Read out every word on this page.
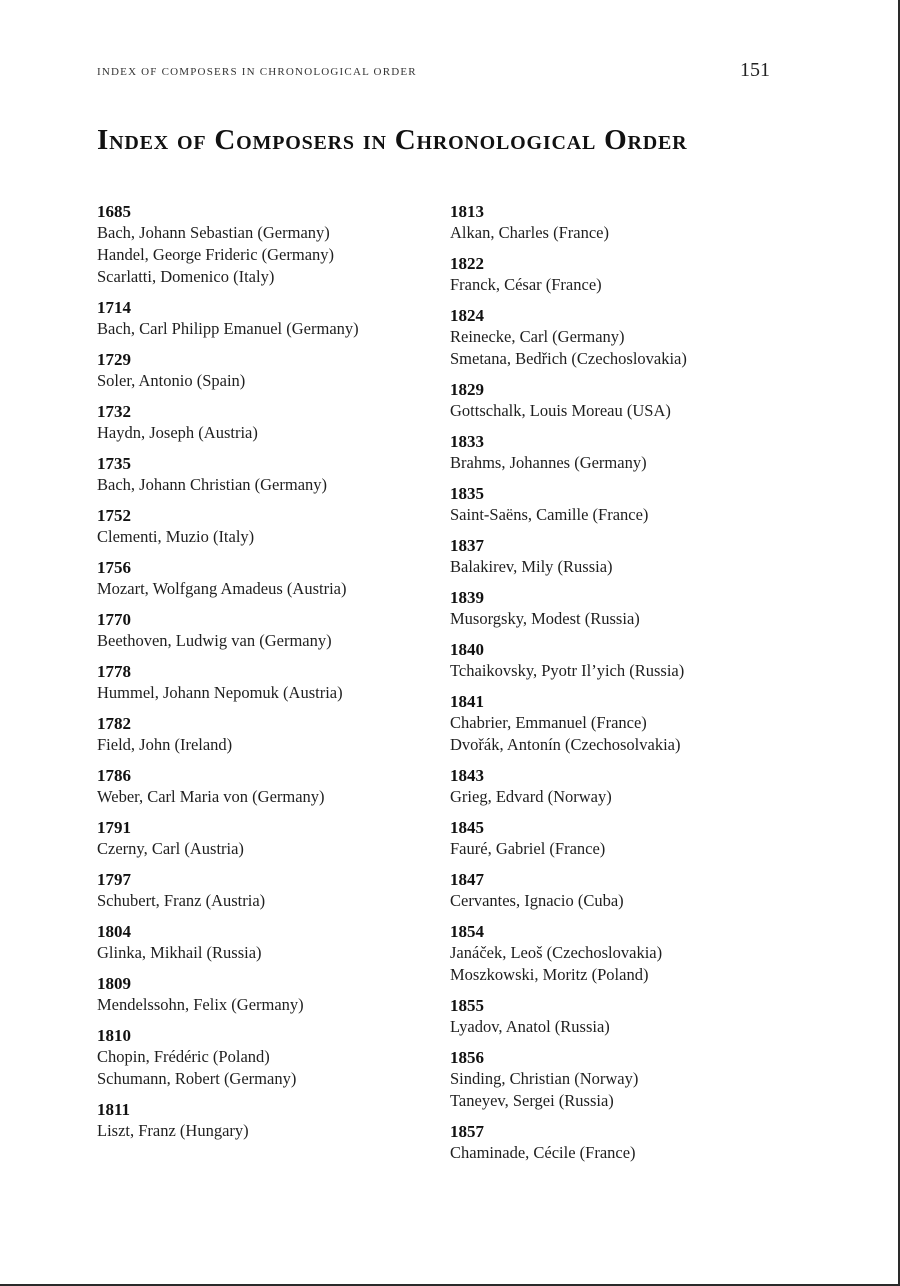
INDEX OF COMPOSERS IN CHRONOLOGICAL ORDER	151
Index of Composers in Chronological Order
1685
Bach, Johann Sebastian (Germany)
Handel, George Frideric (Germany)
Scarlatti, Domenico (Italy)
1714
Bach, Carl Philipp Emanuel (Germany)
1729
Soler, Antonio (Spain)
1732
Haydn, Joseph (Austria)
1735
Bach, Johann Christian (Germany)
1752
Clementi, Muzio (Italy)
1756
Mozart, Wolfgang Amadeus (Austria)
1770
Beethoven, Ludwig van (Germany)
1778
Hummel, Johann Nepomuk (Austria)
1782
Field, John (Ireland)
1786
Weber, Carl Maria von (Germany)
1791
Czerny, Carl (Austria)
1797
Schubert, Franz (Austria)
1804
Glinka, Mikhail (Russia)
1809
Mendelssohn, Felix (Germany)
1810
Chopin, Frédéric (Poland)
Schumann, Robert (Germany)
1811
Liszt, Franz (Hungary)
1813
Alkan, Charles (France)
1822
Franck, César (France)
1824
Reinecke, Carl (Germany)
Smetana, Bedřich (Czechoslovakia)
1829
Gottschalk, Louis Moreau (USA)
1833
Brahms, Johannes (Germany)
1835
Saint-Saëns, Camille (France)
1837
Balakirev, Mily (Russia)
1839
Musorgsky, Modest (Russia)
1840
Tchaikovsky, Pyotr Il’yich (Russia)
1841
Chabrier, Emmanuel (France)
Dvořák, Antonín (Czechosolvakia)
1843
Grieg, Edvard (Norway)
1845
Fauré, Gabriel (France)
1847
Cervantes, Ignacio (Cuba)
1854
Janáček, Leoš (Czechoslovakia)
Moszkowski, Moritz (Poland)
1855
Lyadov, Anatol (Russia)
1856
Sinding, Christian (Norway)
Taneyev, Sergei (Russia)
1857
Chaminade, Cécile (France)
